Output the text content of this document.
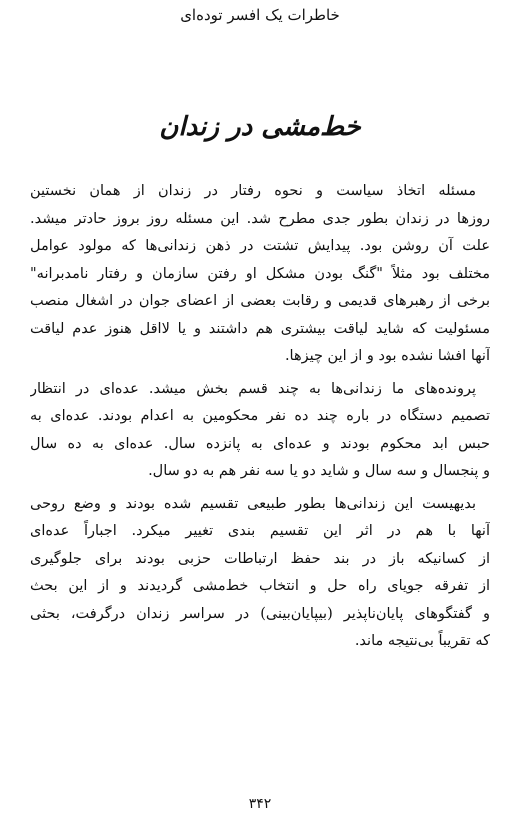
خاطرات یک افسر توده‌ای
خط‌مشی در زندان

مسئله اتخاذ سیاست و نحوه رفتار در زندان از همان نخستین
روزها در زندان بطور جدی مطرح شد. این مسئله روز بروز حادتر میشد.
علت آن روشن بود. پیدایش تشتت در ذهن زندانی‌ها که مولود عوامل
مختلف بود مثلاً "گنگ بودن مشکل او رفتن سازمان و رفتار نامدبرانه"
برخی از رهبرهای قدیمی و رقابت بعضی از اعضای جوان در اشغال منصب
مسئولیت که شاید لیاقت بیشتری هم داشتند و یا لااقل هنوز عدم لیاقت
آنها افشا نشده بود و از این چیزها.

پرونده‌های ما زندانی‌ها به چند قسم بخش میشد. عده‌ای در انتظار
تصمیم دستگاه در باره چند ده نفر محکومین به اعدام بودند. عده‌ای به
حبس ابد محکوم بودند و عده‌ای به پانزده سال. عده‌ای به ده سال
و پنجسال و سه سال و شاید دو یا سه نفر هم به دو سال.

بدیهیست این زندانی‌ها بطور طبیعی تقسیم شده بودند و وضع روحی
آنها با هم در اثر این تقسیم بندی تغییر میکرد. اجباراً عده‌ای
از کسانیکه باز در بند حفظ ارتباطات حزبی بودند برای جلوگیری
از تفرقه جویای راه حل و انتخاب خط‌مشی گردیدند و از این بحث
و گفتگوهای پایان‌ناپذیر (بیپایان‌بینی) در سراسر زندان درگرفت، بحثی
که تقریباً بی‌نتیجه ماند.

۳۴۲
